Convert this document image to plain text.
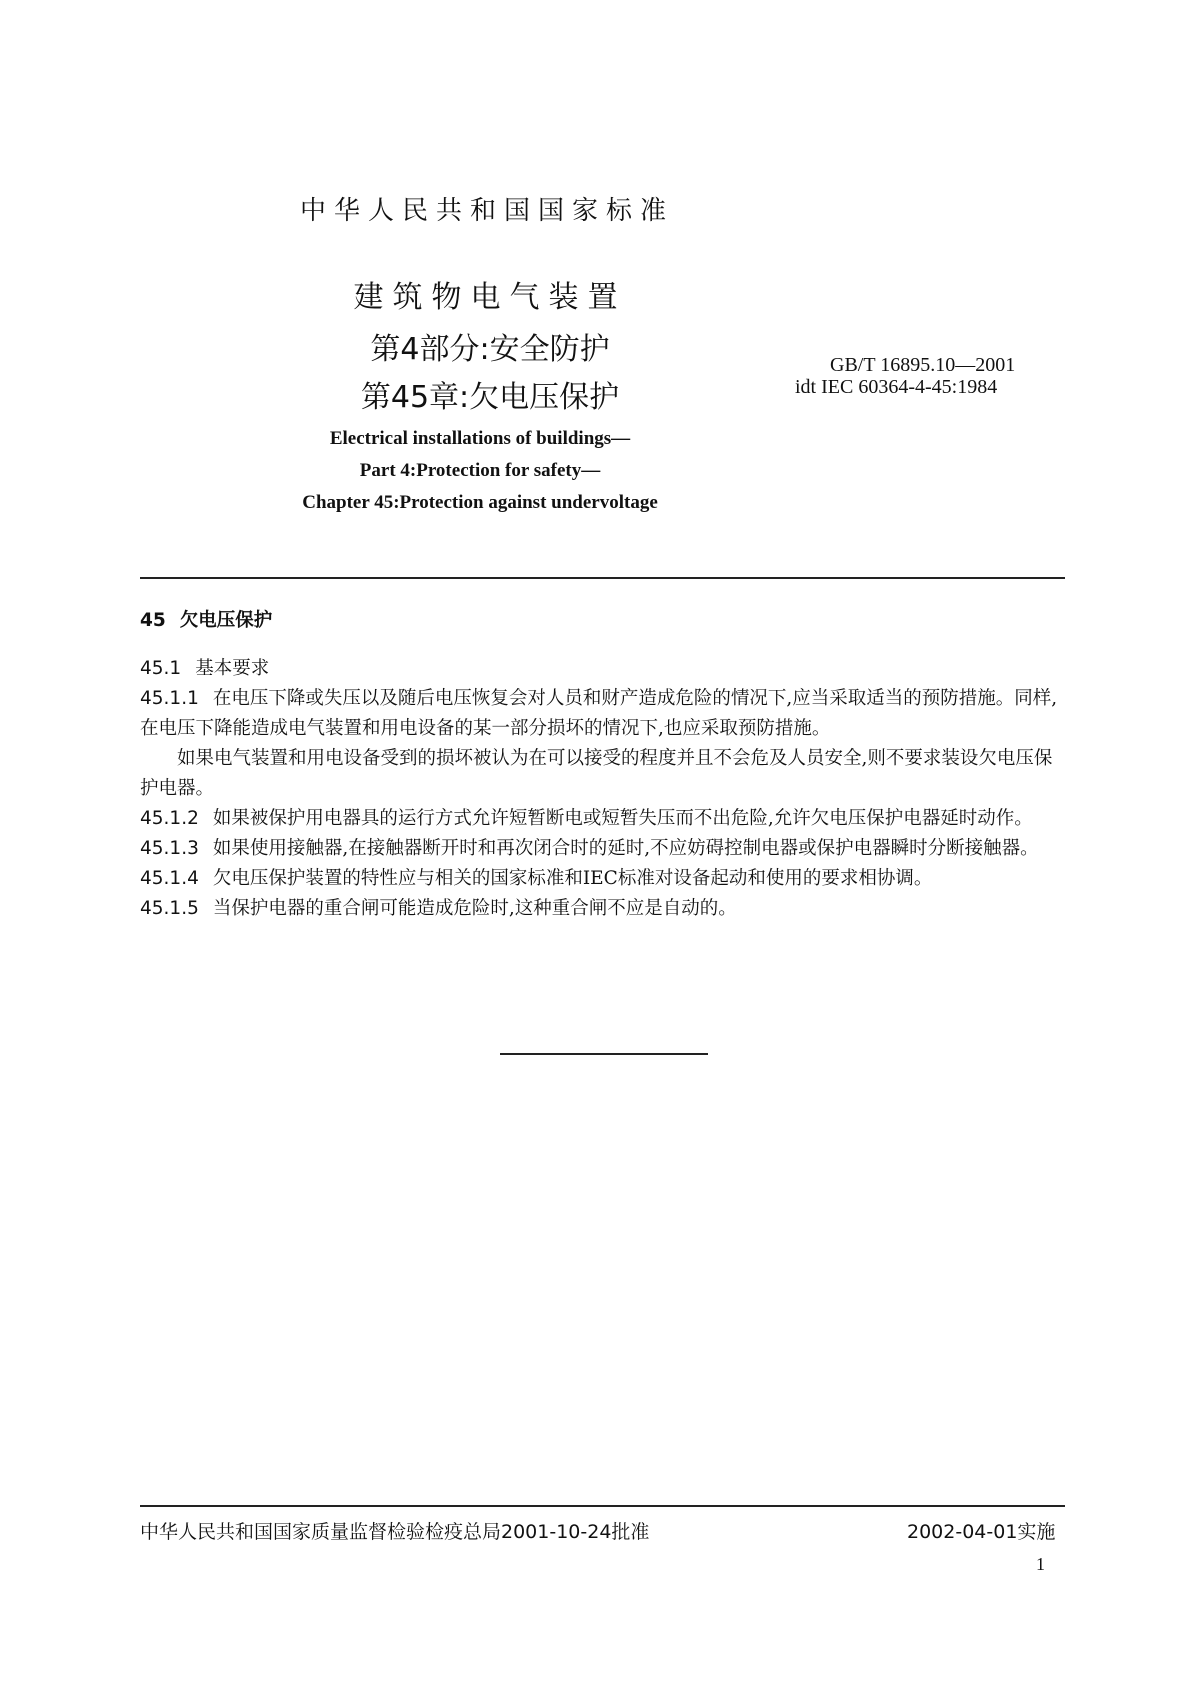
中华人民共和国国家标准
建筑物电气装置
第4部分:安全防护
第45章:欠电压保护
GB/T 16895.10—2001
idt IEC 60364-4-45:1984
Electrical installations of buildings—
Part 4:Protection for safety—
Chapter 45:Protection against undervoltage

45 欠电压保护

45.1 基本要求

45.1.1 在电压下降或失压以及随后电压恢复会对人员和财产造成危险的情况下,应当采取适当的预防措施。同样,在电压下降能造成电气装置和用电设备的某一部分损坏的情况下,也应采取预防措施。

如果电气装置和用电设备受到的损坏被认为在可以接受的程度并且不会危及人员安全,则不要求装设欠电压保护电器。

45.1.2 如果被保护用电器具的运行方式允许短暂断电或短暂失压而不出危险,允许欠电压保护电器延时动作。

45.1.3 如果使用接触器,在接触器断开时和再次闭合时的延时,不应妨碍控制电器或保护电器瞬时分断接触器。

45.1.4 欠电压保护装置的特性应与相关的国家标准和IEC标准对设备起动和使用的要求相协调。

45.1.5 当保护电器的重合闸可能造成危险时,这种重合闸不应是自动的。

中华人民共和国国家质量监督检验检疫总局2001-10-24批准	2002-04-01实施
1
